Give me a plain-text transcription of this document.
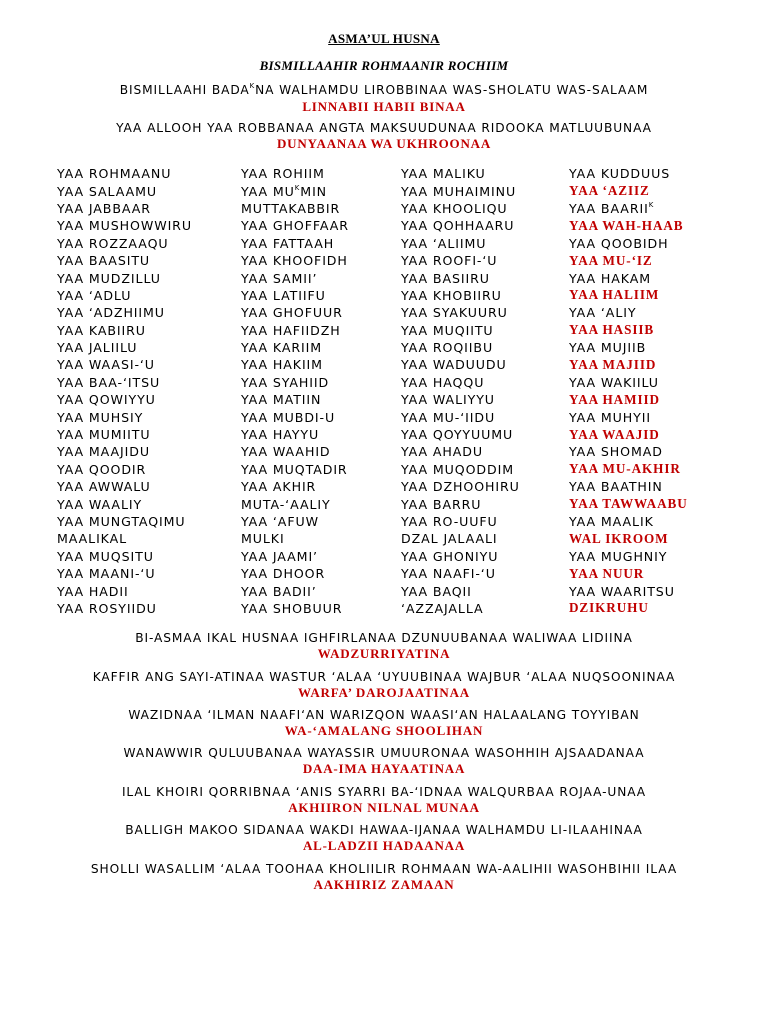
ASMA’UL HUSNA
BISMILLAAHIR ROHMAANIR ROCHIIM
BISMILLAAHI $BADA^KNA$ WALHAMDU LIROBBINAA WAS-SHOLATU WAS-SALAAM
LINNABII HABII BINAA
YAA ALLOOH YAA ROBBANAA ANGTA MAKSUUDUNAA RIDOOKA MATLUUBUNAA
DUNYAANAA WA UKHROONAA
YAA ROHMAANU	YAA ROHIIM	YAA MALIKU	YAA KUDDUUS
YAA SALAAMU	YAA $MU^KMIN$	YAA MUHAIMINU	YAA ‘AZIIZ
YAA JABBAAR	MUTTAKABBIR	YAA KHOOLIQU	YAA $BAARII^K$
YAA MUSHOWWIRU	YAA GHOFFAAR	YAA QOHHAARU	YAA WAH-HAAB
YAA ROZZAAQU	YAA FATTAAH	YAA ‘ALIIMU	YAA QOOBIDH
YAA BAASITU	YAA KHOOFIDH	YAA ROOFI-‘U	YAA MU-‘IZ
YAA MUDZILLU	YAA SAMII’	YAA BASIIRU	YAA HAKAM
YAA ‘ADLU	YAA LATIIFU	YAA KHOBIIRU	YAA HALIIM
YAA ‘ADZHIIMU	YAA GHOFUUR	YAA SYAKUURU	YAA ‘ALIY
YAA KABIIRU	YAA HAFIIDZH	YAA MUQIITU	YAA HASIIB
YAA JALIILU	YAA KARIIM	YAA ROQIIBU	YAA MUJIIB
YAA WAASI-‘U	YAA HAKIIM	YAA WADUUDU	YAA MAJIID
YAA BAA-‘ITSU	YAA SYAHIID	YAA HAQQU	YAA WAKIILU
YAA QOWIYYU	YAA MATIIN	YAA WALIYYU	YAA HAMIID
YAA MUHSIY	YAA MUBDI-U	YAA MU-‘IIDU	YAA MUHYII
YAA MUMIITU	YAA HAYYU	YAA QOYYUUMU	YAA WAAJID
YAA MAAJIDU	YAA WAAHID	YAA AHADU	YAA SHOMAD
YAA QOODIR	YAA MUQTADIR	YAA MUQODDIM	YAA MU-AKHIR
YAA AWWALU	YAA AKHIR	YAA DZHOOHIRU	YAA BAATHIN
YAA WAALIY	MUTA-‘AALIY	YAA BARRU	YAA TAWWAABU
YAA MUNGTAQIMU	YAA ‘AFUW	YAA RO-UUFU	YAA MAALIK
MAALIKAL	MULKI	DZAL JALAALI	WAL IKROOM
YAA MUQSITU	YAA JAAMI’	YAA GHONIYU	YAA MUGHNIY
YAA MAANI-‘U	YAA DHOOR	YAA NAAFI-‘U	YAA NUUR
YAA HADII	YAA BADII’	YAA BAQII	YAA WAARITSU
YAA ROSYIIDU	YAA SHOBUUR	‘AZZAJALLA	DZIKRUHU
BI-ASMAA IKAL HUSNAA IGHFIRLANAA DZUNUUBANAA WALIWAA LIDIINA
WADZURRIYATINA
KAFFIR ANG SAYI-ATINAA WASTUR ‘ALAA ‘UYUUBINAA WAJBUR ‘ALAA NUQSOONINAA
WARFA’ DAROJAATINAA
WAZIDNAA ‘ILMAN NAAFI‘AN WARIZQON WAASI‘AN HALAALANG TOYYIBAN
WA-‘AMALANG SHOOLIHAN
WANAWWIR QULUUBANAA WAYASSIR UMUURONAA WASOHHIH AJSAADANAA
DAA-IMA HAYAATINAA
ILAL KHOIRI QORRIBNAA ‘ANIS SYARRI BA-‘IDNAA WALQURBAA ROJAA-UNAA
AKHIIRON NILNAL MUNAA
BALLIGH MAKOO SIDANAA WAKDI HAWAA-IJANAA WALHAMDU LI-ILAAHINAA
AL-LADZII HADAANAA
SHOLLI WASALLIM ‘ALAA TOOHAA KHOLIILIR ROHMAAN WA-AALIHII WASOHBIHII ILAA
AAKHIRIZ ZAMAAN
